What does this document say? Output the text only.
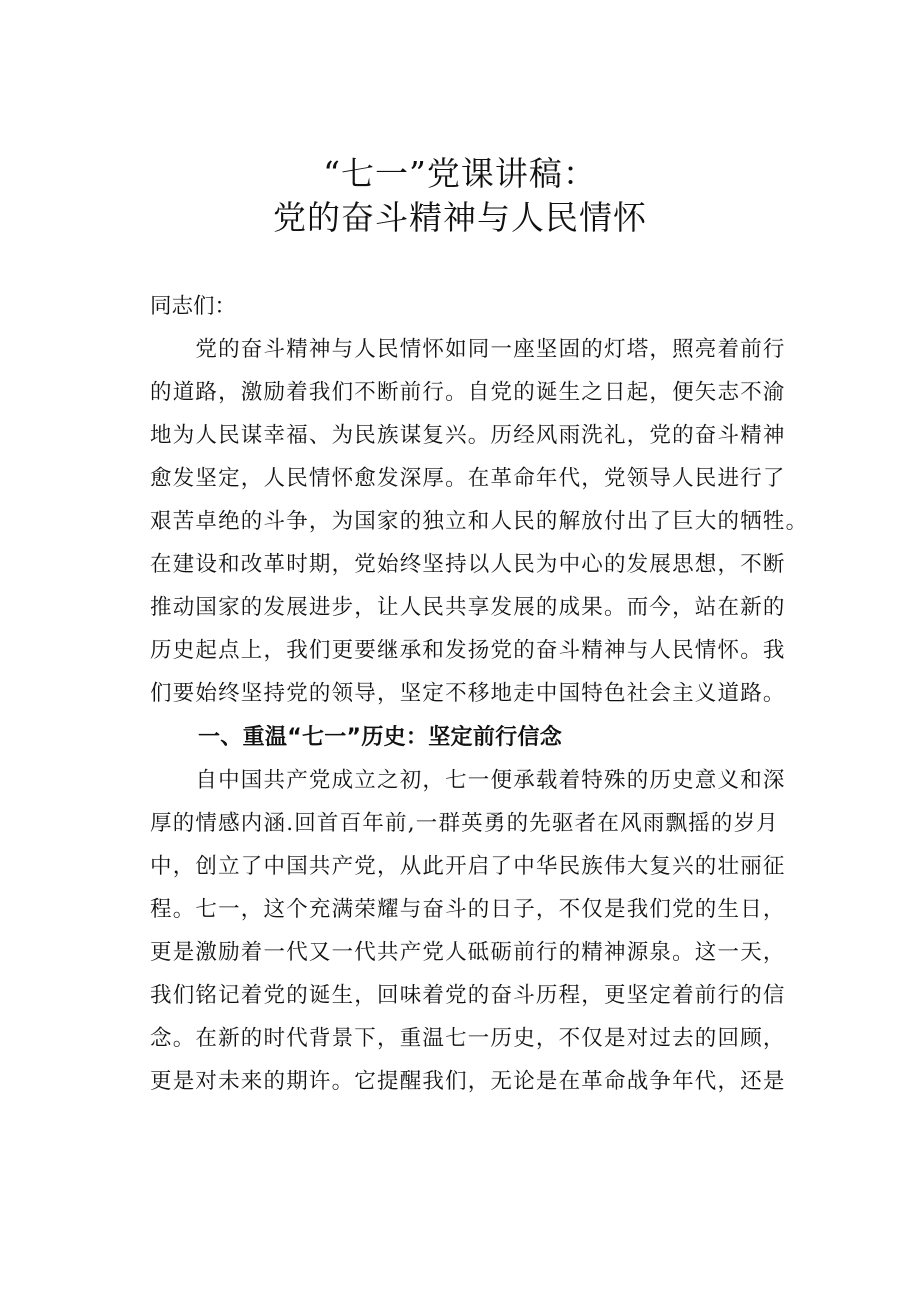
“七一”党课讲稿：
党的奋斗精神与人民情怀

同志们：

　　党的奋斗精神与人民情怀如同一座坚固的灯塔，照亮着前行
的道路，激励着我们不断前行。自党的诞生之日起，便矢志不渝
地为人民谋幸福、为民族谋复兴。历经风雨洗礼，党的奋斗精神
愈发坚定，人民情怀愈发深厚。在革命年代，党领导人民进行了
艰苦卓绝的斗争，为国家的独立和人民的解放付出了巨大的牺牲。
在建设和改革时期，党始终坚持以人民为中心的发展思想，不断
推动国家的发展进步，让人民共享发展的成果。而今，站在新的
历史起点上，我们更要继承和发扬党的奋斗精神与人民情怀。我
们要始终坚持党的领导，坚定不移地走中国特色社会主义道路。
一、重温“七一”历史：坚定前行信念
　　自中国共产党成立之初，七一便承载着特殊的历史意义和深
厚的情感内涵.回首百年前,一群英勇的先驱者在风雨飘摇的岁月
中，创立了中国共产党，从此开启了中华民族伟大复兴的壮丽征
程。七一，这个充满荣耀与奋斗的日子，不仅是我们党的生日，
更是激励着一代又一代共产党人砥砺前行的精神源泉。这一天，
我们铭记着党的诞生，回味着党的奋斗历程，更坚定着前行的信
念。在新的时代背景下，重温七一历史，不仅是对过去的回顾，
更是对未来的期许。它提醒我们，无论是在革命战争年代，还是
